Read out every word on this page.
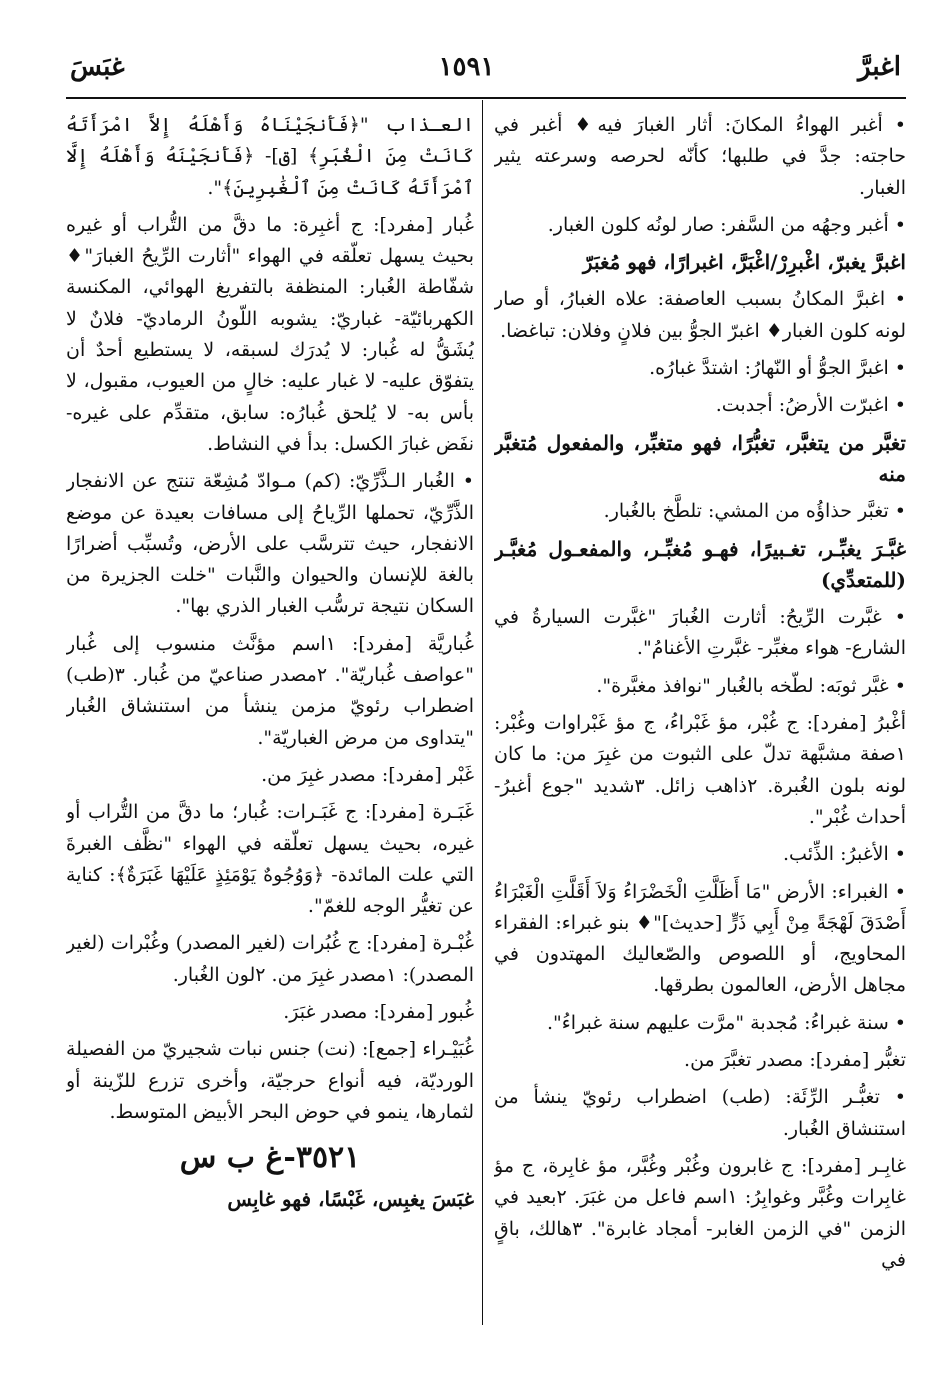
اغبرَّ
١٥٩١
غبَسَ

• أغبر الهواءُ المكانَ: أثار الغبارَ فيه♦ أغبر في حاجته: جدَّ في طلبها؛ كأنّه لحرصه وسرعته يثير الغبار.

• أغبر وجهُه من السَّفر: صار لونُه كلون الغبار.

اغبرَّ يغبرّ، اغْبرِرْ/اغْبَرَّ، اغبرارًا، فهو مُغبَرّ

• اغبرَّ المكانُ بسبب العاصفة: علاه الغبارُ، أو صار لونه كلون الغبار♦ اغبرّ الجوُّ بين فلانٍ وفلان: تباغضا.

• اغبرَّ الجوُّ أو النّهارُ: اشتدَّ غبارُه.

• اغبرّت الأرضُ: أجدبت.

تغبَّر من يتغبَّر، تغبُّرًا، فهو متغبِّر، والمفعول مُتغبَّر منه

• تغبَّر حذاؤُه من المشي: تلطَّخ بالغُبار.

غبَّـرَ يغبِّـر، تغـبيرًا، فهـو مُغبِّـر، والمفعـول مُغبَّـر (للمتعدِّي)

• غبَّرت الرِّيحُ: أثارت الغُبارَ "غبَّرت السيارةُ في الشارع- هواء مغبِّر- غبَّرتِ الأغنامُ".

• غبَّر ثوبَه: لطّخه بالغُبار "نوافذ مغبَّرة".

أغْبرُ [مفرد]: ج غُبْر، مؤ غَبْراءُ، ج مؤ غَبْراوات وغُبْر: ١صفة مشبَّهة تدلّ على الثبوت من غبِرَ من: ما كان لونه بلون الغُبرة. ٢ذاهب زائل. ٣شديد "جوع أغبرُ- أحداث غُبْر".

• الأغبرُ: الذِّئب.

• الغبراء: الأرض "مَا أَظَلَّتِ الْخَضْرَاءُ وَلاَ أَقَلَّتِ الْغَبْرَاءُ أَصْدَقَ لَهْجَةً مِنْ أَبِي ذَرٍّ [حديث]"♦ بنو غبراء: الفقراء المحاويج، أو اللصوص والصّعاليك المهتدون في مجاهل الأرض، العالمون بطرقها.

• سنة غبراءُ: مُجدبة "مرَّت عليهم سنة غبراءُ".

تغبُّر [مفرد]: مصدر تغبَّرَ من.

• تغبُّـر الرِّئَة: (طب) اضطراب رئويّ ينشأ من استنشاق الغُبار.

غابِـر [مفرد]: ج غابرون وغُبْر وغُبَّر، مؤ غابِرة، ج مؤ غابِرات وغُبَّر وغوابِرُ: ١اسم فاعل من غبَرَ. ٢بعيد في الزمن "في الزمن الغابر- أمجاد غابرة". ٣هالك، باقٍ في

العـذاب "﴿فَأَنجَيْنَاهُ وَأَهْلَهُ إِلاَّ امْرَأَتَهُ كَانَتْ مِنَ الْغُبَرِ﴾ [ق]- ﴿فَأَنجَيْنَهُ وَأَهْلَهُ إِلَّا ٱمْرَأَتَهُ كَانَتْ مِنَ ٱلْغَٰبِرِينَ﴾".

غُبار [مفرد]: ج أغبِرة: ما دقَّ من التُّراب أو غيره بحيث يسهل تعلّقه في الهواء "أثارت الرِّيحُ الغبارَ"♦ شفّاطة الغُبار: المنظفة بالتفريغ الهوائي، المكنسة الكهربائيّة- غباريّ: يشوبه اللّونُ الرماديّ- فلانٌ لا يُشَقُّ له غُبار: لا يُدرَك لسبقه، لا يستطيع أحدٌ أن يتفوّق عليه- لا غبار عليه: خالٍ من العيوب، مقبول، لا بأس به- لا يُلحق غُبارُه: سابق، متقدِّم على غيره- نفَض غبارَ الكسل: بدأ في النشاط.

• الغُبار الـذَّرِّيّ: (كم) مـوادّ مُشِعّة تنتج عن الانفجار الذَّرِّيّ، تحملها الرِّياحُ إلى مسافات بعيدة عن موضع الانفجار، حيث تترسَّب على الأرض، وتُسبِّب أضرارًا بالغة للإنسان والحيوان والنَّبات "خلت الجزيرة من السكان نتيجة ترسُّب الغبار الذري بها".

غُباريَّة [مفرد]: ١اسم مؤنَّث منسوب إلى غُبار "عواصف غُباريّة". ٢مصدر صناعيّ من غُبار. ٣(طب) اضطراب رئويّ مزمن ينشأ من استنشاق الغُبار "يتداوى من مرض الغباريّة".

غَبْر [مفرد]: مصدر غبِرَ من.

غَبَـرة [مفرد]: ج غَبَـرات: غُبار؛ ما دقَّ من التُّراب أو غيره، بحيث يسهل تعلّقه في الهواء "نظَّف الغبرةَ التي علت المائدة- ﴿وَوُجُوهٌ يَوْمَئِذٍ عَلَيْهَا غَبَرَةٌ﴾: كناية عن تغيُّر الوجه للغمّ".

غُبْـرة [مفرد]: ج غُبُرات (لغير المصدر) وغُبْرات (لغير المصدر): ١مصدر غبِرَ من. ٢لون الغُبار.

غُبور [مفرد]: مصدر غبَرَ.

غُبَيْـراء [جمع]: (نت) جنس نبات شجيريّ من الفصيلة الورديّة، فيه أنواع حرجيّة، وأخرى تزرع للزّينة أو لثمارها، ينمو في حوض البحر الأبيض المتوسط.

٣٥٢١-غ ب س

غبَسَ يغبِس، غَبْسًا، فهو غابِس
